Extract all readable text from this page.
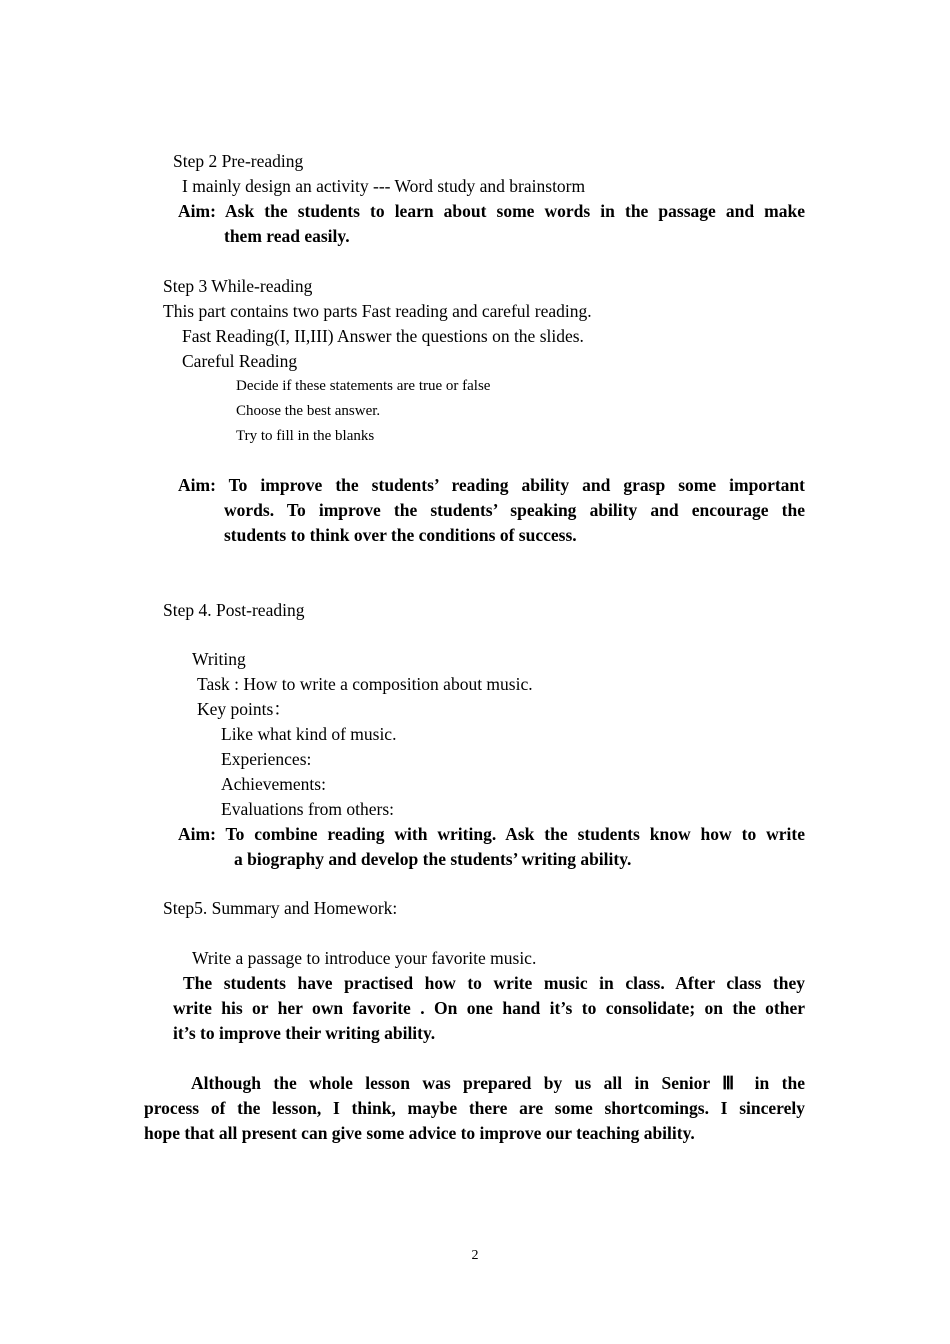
Step 2 Pre-reading
I mainly design an activity --- Word study and brainstorm
Aim: Ask the students to learn about some words in the passage and make
them read easily.
Step 3 While-reading
This part contains two parts Fast reading and careful reading.
Fast Reading(I, II,III) Answer the questions on the slides.
Careful Reading
Decide if these statements are true or false
Choose the best answer.
Try to fill in the blanks
Aim: To improve the students’ reading ability and grasp some important
words. To improve the students’ speaking ability and encourage the
students to think over the conditions of success.
Step 4. Post-reading
Writing
Task : How to write a composition about music.
Key points：
Like what kind of music.
Experiences:
Achievements:
Evaluations from others:
Aim: To combine reading with writing. Ask the students know how to write
a biography and develop the students’ writing ability.
Step5. Summary and Homework:
Write a passage to introduce your favorite music.
The students have practised how to write music in class. After class they
write his or her own favorite . On one hand it’s to consolidate; on the other
it’s to improve their writing ability.
Although the whole lesson was prepared by us all in Senior Ⅲ in the
process of the lesson, I think, maybe there are some shortcomings. I sincerely
hope that all present can give some advice to improve our teaching ability.
2
